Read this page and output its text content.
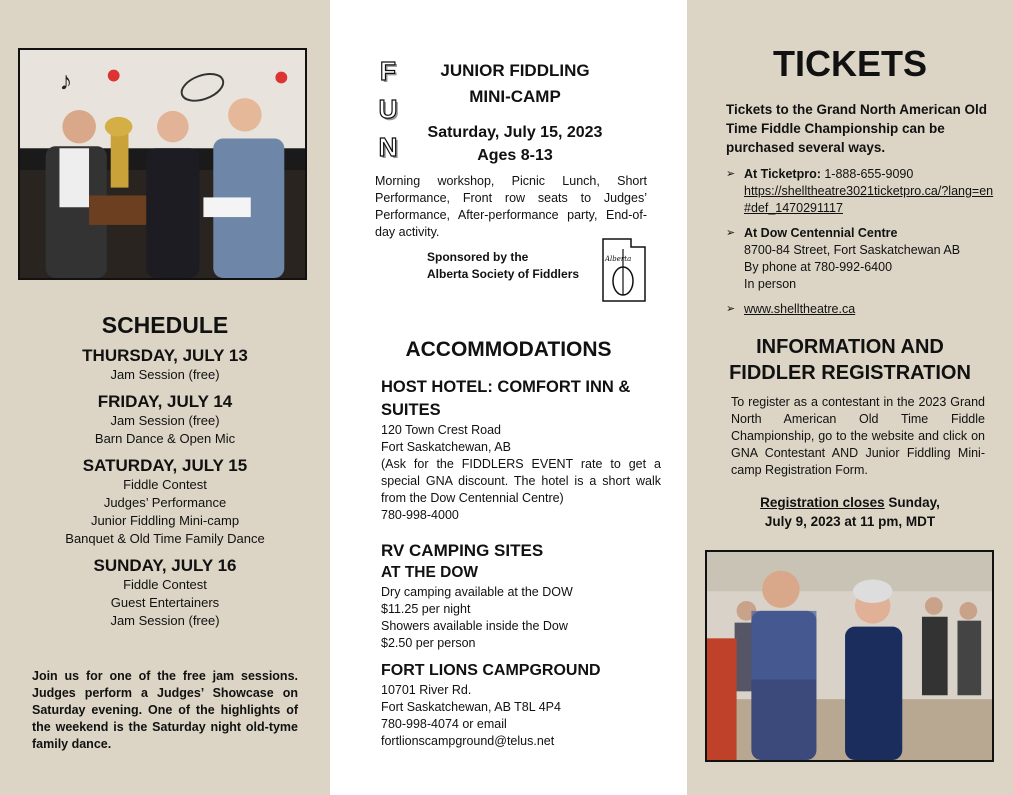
♪
SCHEDULE
THURSDAY, JULY 13
Jam Session (free)
FRIDAY, JULY 14
Jam Session (free)
Barn Dance & Open Mic
SATURDAY, JULY 15
Fiddle Contest
Judges’ Performance
Junior Fiddling Mini-camp
Banquet & Old Time Family Dance
SUNDAY, JULY 16
Fiddle Contest
Guest Entertainers
Jam Session (free)
Join us for one of the free jam sessions. Judges perform a Judges’ Showcase on Saturday evening. One of the highlights of the weekend is the Saturday night old-tyme family dance.
F
U
N
JUNIOR FIDDLING
MINI-CAMP
Saturday, July 15, 2023
Ages 8-13
Morning workshop, Picnic Lunch, Short Performance, Front row seats to Judges’ Performance, After-performance party, End-of-day activity.
Sponsored by the
Alberta Society of Fiddlers
Alberta
ACCOMMODATIONS
HOST HOTEL: COMFORT INN & SUITES
120 Town Crest Road
Fort Saskatchewan, AB
(Ask for the FIDDLERS EVENT rate to get a special GNA discount. The hotel is a short walk from the Dow Centennial Centre)
780-998-4000
RV CAMPING SITES
AT THE DOW
Dry camping available at the DOW
$11.25 per night
Showers available inside the Dow
$2.50 per person
FORT LIONS CAMPGROUND
10701 River Rd.
Fort Saskatchewan, AB T8L 4P4
780-998-4074 or email
fortlionscampground@telus.net
TICKETS
Tickets to the Grand North American Old Time Fiddle Championship can be purchased several ways.
➢ At Ticketpro: 1-888-655-9090
https://shelltheatre3021ticketpro.ca/?lang=en#def_1470291117
➢ At Dow Centennial Centre
8700-84 Street, Fort Saskatchewan AB
By phone at 780-992-6400
In person
➢ www.shelltheatre.ca
INFORMATION AND
FIDDLER REGISTRATION
To register as a contestant in the 2023 Grand North American Old Time Fiddle Championship, go to the website and click on GNA Contestant AND Junior Fiddling Mini-camp Registration Form.
Registration closes Sunday,
July 9, 2023 at 11 pm, MDT
